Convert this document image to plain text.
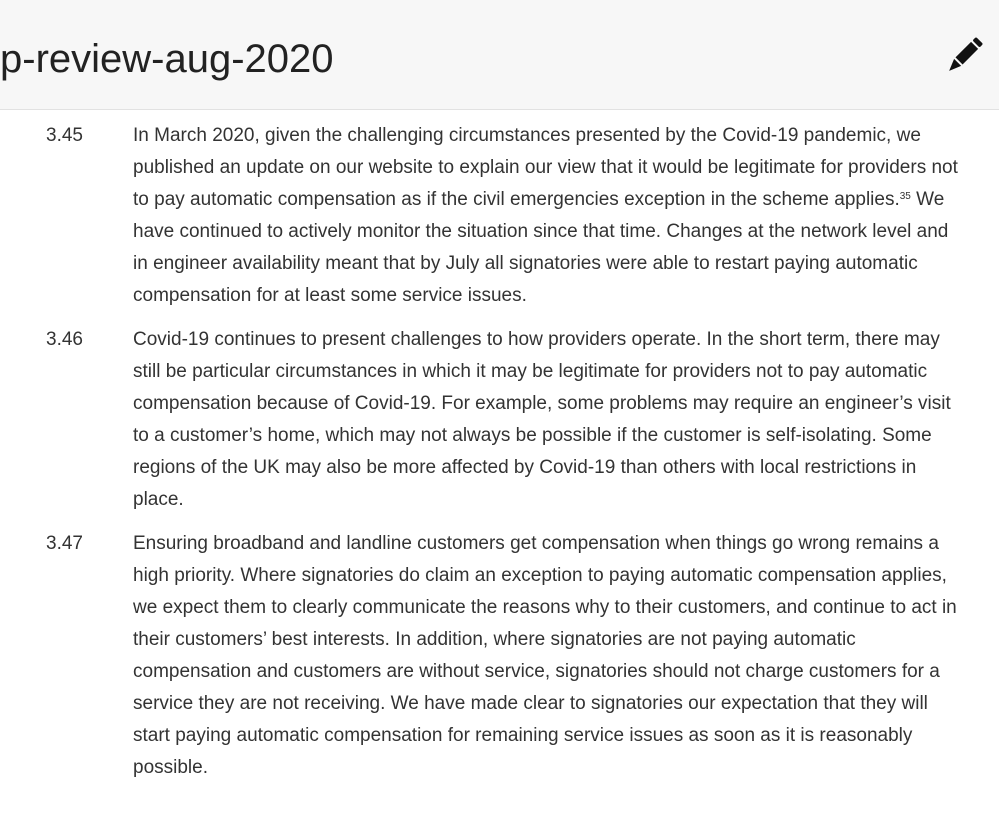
p-review-aug-2020
3.45	In March 2020, given the challenging circumstances presented by the Covid-19 pandemic, we published an update on our website to explain our view that it would be legitimate for providers not to pay automatic compensation as if the civil emergencies exception in the scheme applies.$^{35}$ We have continued to actively monitor the situation since that time. Changes at the network level and in engineer availability meant that by July all signatories were able to restart paying automatic compensation for at least some service issues.

3.46	Covid-19 continues to present challenges to how providers operate. In the short term, there may still be particular circumstances in which it may be legitimate for providers not to pay automatic compensation because of Covid-19. For example, some problems may require an engineer’s visit to a customer’s home, which may not always be possible if the customer is self-isolating. Some regions of the UK may also be more affected by Covid-19 than others with local restrictions in place.

3.47	Ensuring broadband and landline customers get compensation when things go wrong remains a high priority. Where signatories do claim an exception to paying automatic compensation applies, we expect them to clearly communicate the reasons why to their customers, and continue to act in their customers’ best interests. In addition, where signatories are not paying automatic compensation and customers are without service, signatories should not charge customers for a service they are not receiving. We have made clear to signatories our expectation that they will start paying automatic compensation for remaining service issues as soon as it is reasonably possible.
